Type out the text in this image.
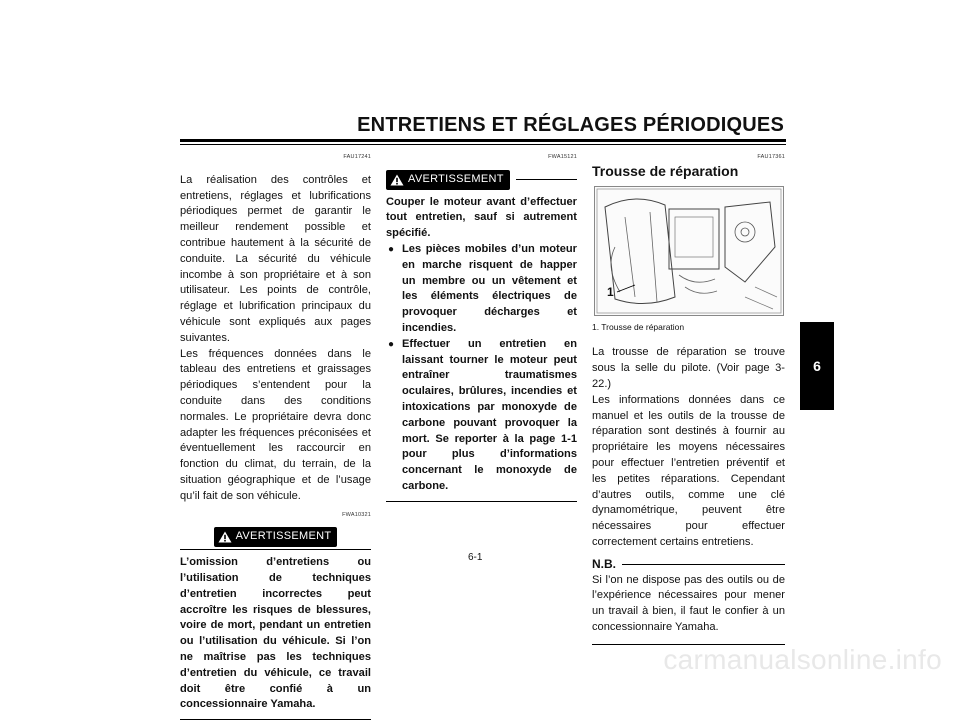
ENTRETIENS ET RÉGLAGES PÉRIODIQUES
6
FAU17241

La réalisation des contrôles et entretiens, réglages et lubrifications périodiques permet de garantir le meilleur rendement possible et contribue hautement à la sécurité de conduite. La sécurité du véhicule incombe à son propriétaire et à son utilisateur. Les points de contrôle, réglage et lubrification principaux du véhicule sont expliqués aux pages suivantes.

Les fréquences données dans le tableau des entretiens et graissages périodiques s’entendent pour la conduite dans des conditions normales. Le propriétaire devra donc adapter les fréquences préconisées et éventuellement les raccourcir en fonction du climat, du terrain, de la situation géographique et de l’usage qu’il fait de son véhicule.

FWA10321
AVERTISSEMENT
L’omission d’entretiens ou l’utilisation de techniques d’entretien incorrectes peut accroître les risques de blessures, voire de mort, pendant un entretien ou l’utilisation du véhicule. Si l’on ne maîtrise pas les techniques d’entretien du véhicule, ce travail doit être confié à un concessionnaire Yamaha.
FWA15121
AVERTISSEMENT
Couper le moteur avant d’effectuer tout entretien, sauf si autrement spécifié.
● Les pièces mobiles d’un moteur en marche risquent de happer un membre ou un vêtement et les éléments électriques de provoquer décharges et incendies.
● Effectuer un entretien en laissant tourner le moteur peut entraîner traumatismes oculaires, brûlures, incendies et intoxications par monoxyde de carbone pouvant provoquer la mort. Se reporter à la page 1-1 pour plus d’informations concernant le monoxyde de carbone.
FAU17361
Trousse de réparation
1
1. Trousse de réparation

La trousse de réparation se trouve sous la selle du pilote. (Voir page 3-22.)

Les informations données dans ce manuel et les outils de la trousse de réparation sont destinés à fournir au propriétaire les moyens nécessaires pour effectuer l’entretien préventif et les petites réparations. Cependant d’autres outils, comme une clé dynamométrique, peuvent être nécessaires pour effectuer correctement certains entretiens.

N.B.

Si l’on ne dispose pas des outils ou de l’expérience nécessaires pour mener un travail à bien, il faut le confier à un concessionnaire Yamaha.

6-1
carmanualsonline.info
